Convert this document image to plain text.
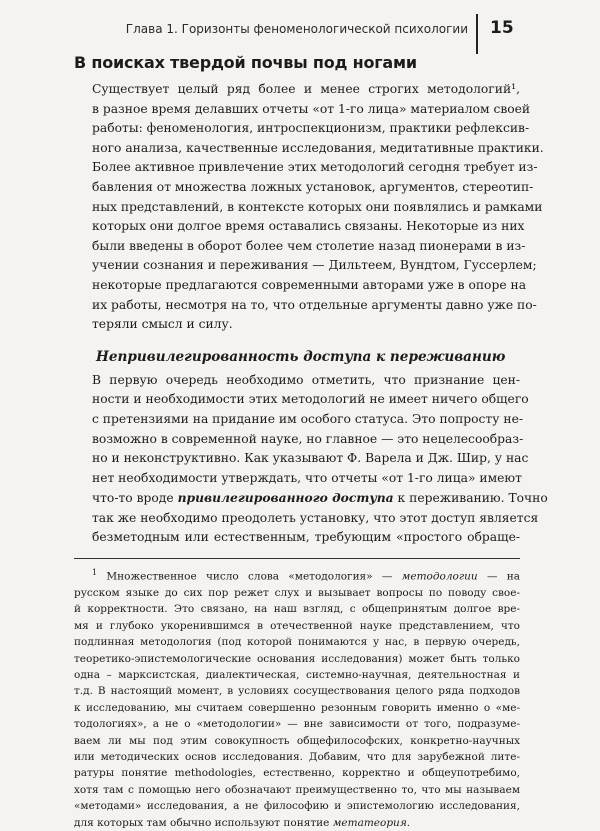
Глава 1. Горизонты феноменологической психологии 15
В поисках твердой почвы под ногами
Существует целый ряд более и менее строгих методологий¹,
в разное время делавших отчеты «от 1-го лица» материалом своей
работы: феноменология, интроспекционизм, практики рефлексив-
ного анализа, качественные исследования, медитативные практики.
Более активное привлечение этих методологий сегодня требует из-
бавления от множества ложных установок, аргументов, стереотип-
ных представлений, в контексте которых они появлялись и рамками
которых они долгое время оставались связаны. Некоторые из них
были введены в оборот более чем столетие назад пионерами в из-
учении сознания и переживания — Дильтеем, Вундтом, Гуссерлем;
некоторые предлагаются современными авторами уже в опоре на
их работы, несмотря на то, что отдельные аргументы давно уже по-
теряли смысл и силу.
Непривилегированность доступа к переживанию
В первую очередь необходимо отметить, что признание цен-
ности и необходимости этих методологий не имеет ничего общего
с претензиями на придание им особого статуса. Это попросту не-
возможно в современной науке, но главное — это нецелесообраз-
но и неконструктивно. Как указывают Ф. Варела и Дж. Шир, у нас
нет необходимости утверждать, что отчеты «от 1-го лица» имеют
что-то вроде привилегированного доступа к переживанию. Точно
так же необходимо преодолеть установку, что этот доступ является
безметодным или естественным, требующим «простого обраще-
$^1$ Множественное число слова «методология» — методологии — на
русском языке до сих пор режет слух и вызывает вопросы по поводу свое-
й корректности. Это связано, на наш взгляд, с общепринятым долгое вре-
мя и глубоко укоренившимся в отечественной науке представлением, что
подлинная методология (под которой понимаются у нас, в первую очередь,
теоретико-эпистемологические основания исследования) может быть только
одна – марксистская, диалектическая, системно-научная, деятельностная и
т.д. В настоящий момент, в условиях сосуществования целого ряда подходов
к исследованию, мы считаем совершенно резонным говорить именно о «ме-
тодологиях», а не о «методологии» — вне зависимости от того, подразуме-
ваем ли мы под этим совокупность общефилософских, конкретно-научных
или методических основ исследования. Добавим, что для зарубежной лите-
ратуры понятие methodologies, естественно, корректно и общеупотребимо,
хотя там с помощью него обозначают преимущественно то, что мы называем
«методами» исследования, а не философию и эпистемологию исследования,
для которых там обычно используют понятие метатеория.
